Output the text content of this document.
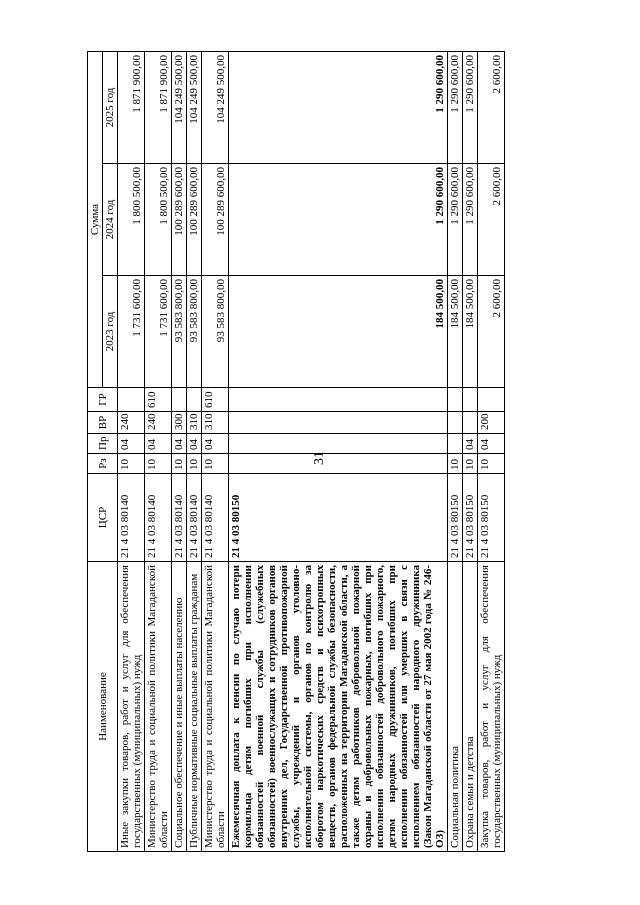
31
Наименование	ЦСР	Рз	Пр	ВР	ГР	Сумма		
						2023 год	2024 год	2025 год
Иные закупки товаров, работ и услуг для обеспечения государственных (муниципальных) нужд	21 4 03 80140	10	04	240		1 731 600,00	1 800 500,00	1 871 900,00
Министерство труда и социальной политики Магаданской области	21 4 03 80140	10	04	240	610	1 731 600,00	1 800 500,00	1 871 900,00
Социальное обеспечение и иные выплаты населению	21 4 03 80140	10	04	300		93 583 800,00	100 289 600,00	104 249 500,00
Публичные нормативные социальные выплаты гражданам	21 4 03 80140	10	04	310		93 583 800,00	100 289 600,00	104 249 500,00
Министерство труда и социальной политики Магаданской области	21 4 03 80140	10	04	310	610	93 583 800,00	100 289 600,00	104 249 500,00
Ежемесячная доплата к пенсии по случаю потери кормильца детям погибших при исполнении обязанностей военной службы (служебных обязанностей) военнослужащих и сотрудников органов внутренних дел, Государственной противопожарной службы, учреждений и органов уголовно-исполнительной системы, органов по контролю за оборотом наркотических средств и психотропных веществ, органов федеральной службы безопасности, расположенных на территории Магаданской области, а также детям работников добровольной пожарной охраны и добровольных пожарных, погибших при исполнении обязанностей добровольного пожарного, детям народных дружинников, погибших при исполнении обязанностей или умерших в связи с исполнением обязанностей народного дружинника (Закон Магаданской области от 27 мая 2002 года № 246-ОЗ)	21 4 03 80150					184 500,00	1 290 600,00	1 290 600,00
Социальная политика	21 4 03 80150	10				184 500,00	1 290 600,00	1 290 600,00
Охрана семьи и детства	21 4 03 80150	10	04			184 500,00	1 290 600,00	1 290 600,00
Закупка товаров, работ и услуг для обеспечения государственных (муниципальных) нужд	21 4 03 80150	10	04	200		2 600,00	2 600,00	2 600,00
